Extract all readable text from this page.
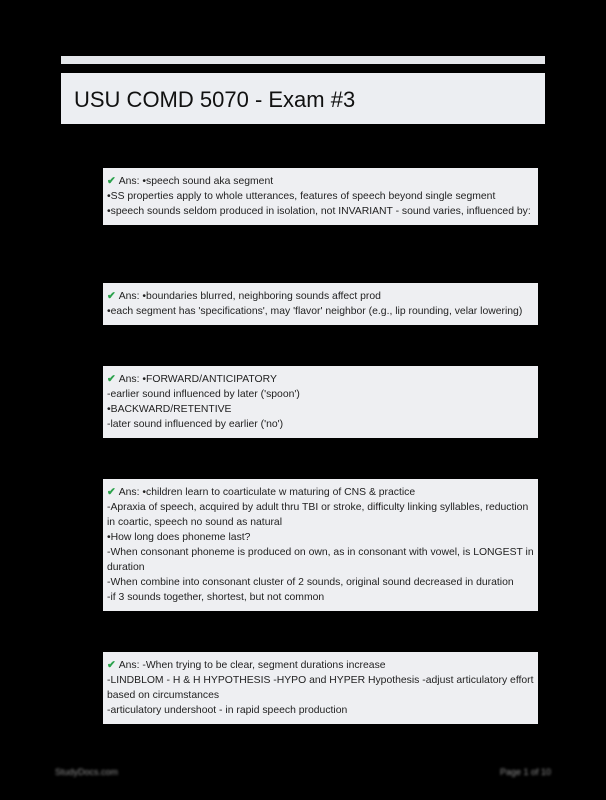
USU COMD 5070 - Exam #3
✔ Ans: •speech sound aka segment
•SS properties apply to whole utterances, features of speech beyond single segment
•speech sounds seldom produced in isolation, not INVARIANT - sound varies, influenced by:
✔ Ans: •boundaries blurred, neighboring sounds affect prod
•each segment has 'specifications', may 'flavor' neighbor (e.g., lip rounding, velar lowering)
✔ Ans: •FORWARD/ANTICIPATORY
-earlier sound influenced by later ('spoon')
•BACKWARD/RETENTIVE
-later sound influenced by earlier ('no')
✔ Ans: •children learn to coarticulate w maturing of CNS & practice
-Apraxia of speech, acquired by adult thru TBI or stroke, difficulty linking syllables, reduction in coartic, speech no sound as natural
•How long does phoneme last?
-When consonant phoneme is produced on own, as in consonant with vowel, is LONGEST in duration
-When combine into consonant cluster of 2 sounds, original sound decreased in duration
-if 3 sounds together, shortest, but not common
✔ Ans: -When trying to be clear, segment durations increase
-LINDBLOM - H & H HYPOTHESIS -HYPO and HYPER Hypothesis -adjust articulatory effort based on circumstances
-articulatory undershoot - in rapid speech production
StudyDocs.com	Page 1 of 10
